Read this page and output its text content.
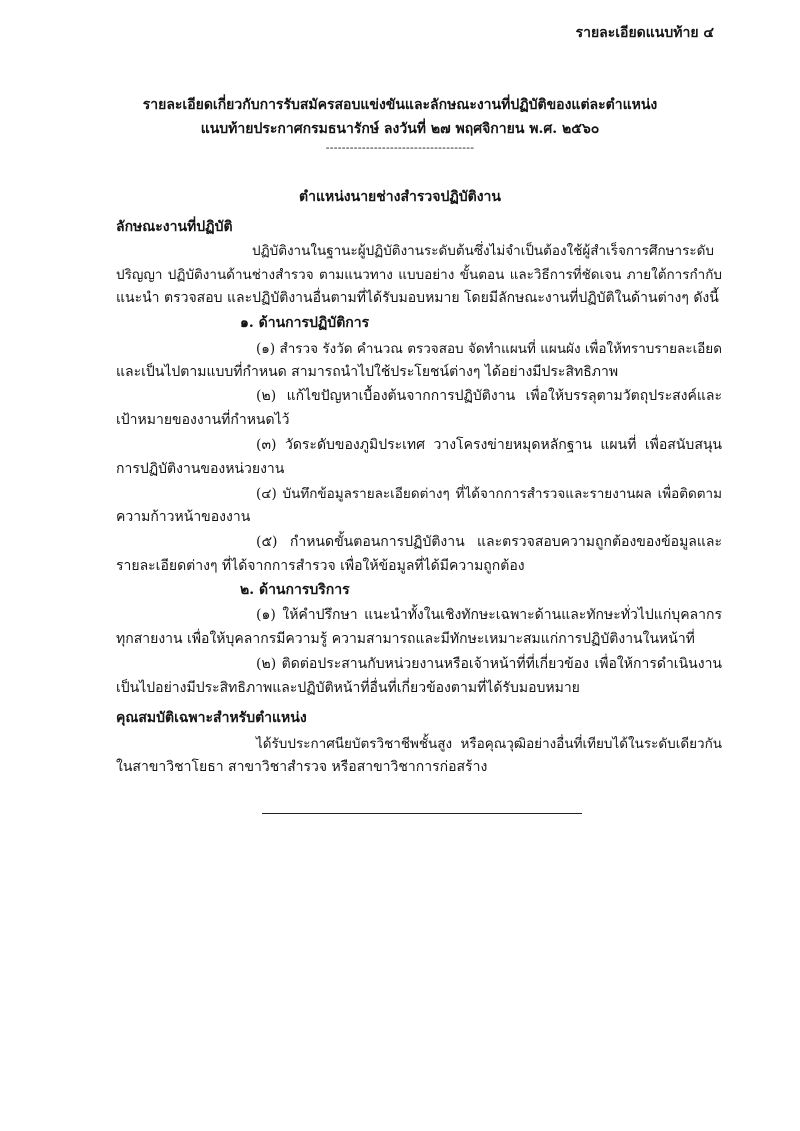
รายละเอียดแนบท้าย ๔
รายละเอียดเกี่ยวกับการรับสมัครสอบแข่งขันและลักษณะงานที่ปฏิบัติของแต่ละตำแหน่ง
แนบท้ายประกาศกรมธนารักษ์ ลงวันที่ ๒๗ พฤศจิกายน พ.ศ. ๒๕๖๐
-------------------------------------
ตำแหน่งนายช่างสำรวจปฏิบัติงาน
ลักษณะงานที่ปฏิบัติ
ปฏิบัติงานในฐานะผู้ปฏิบัติงานระดับต้นซึ่งไม่จำเป็นต้องใช้ผู้สำเร็จการศึกษาระดับ
ปริญญา ปฏิบัติงานด้านช่างสำรวจ ตามแนวทาง แบบอย่าง ขั้นตอน และวิธีการที่ชัดเจน ภายใต้การกำกับ
แนะนำ ตรวจสอบ และปฏิบัติงานอื่นตามที่ได้รับมอบหมาย โดยมีลักษณะงานที่ปฏิบัติในด้านต่างๆ ดังนี้
๑. ด้านการปฏิบัติการ
(๑) สำรวจ รังวัด คำนวณ ตรวจสอบ จัดทำแผนที่ แผนผัง เพื่อให้ทราบรายละเอียด
และเป็นไปตามแบบที่กำหนด สามารถนำไปใช้ประโยชน์ต่างๆ ได้อย่างมีประสิทธิภาพ
(๒) แก้ไขปัญหาเบื้องต้นจากการปฏิบัติงาน เพื่อให้บรรลุตามวัตถุประสงค์และ
เป้าหมายของงานที่กำหนดไว้
(๓) วัดระดับของภูมิประเทศ วางโครงข่ายหมุดหลักฐาน แผนที่ เพื่อสนับสนุน
การปฏิบัติงานของหน่วยงาน
(๔) บันทึกข้อมูลรายละเอียดต่างๆ ที่ได้จากการสำรวจและรายงานผล เพื่อติดตาม
ความก้าวหน้าของงาน
(๕) กำหนดขั้นตอนการปฏิบัติงาน และตรวจสอบความถูกต้องของข้อมูลและ
รายละเอียดต่างๆ ที่ได้จากการสำรวจ เพื่อให้ข้อมูลที่ได้มีความถูกต้อง
๒. ด้านการบริการ
(๑) ให้คำปรึกษา แนะนำทั้งในเชิงทักษะเฉพาะด้านและทักษะทั่วไปแก่บุคลากร
ทุกสายงาน เพื่อให้บุคลากรมีความรู้ ความสามารถและมีทักษะเหมาะสมแก่การปฏิบัติงานในหน้าที่
(๒) ติดต่อประสานกับหน่วยงานหรือเจ้าหน้าที่ที่เกี่ยวข้อง เพื่อให้การดำเนินงาน
เป็นไปอย่างมีประสิทธิภาพและปฏิบัติหน้าที่อื่นที่เกี่ยวข้องตามที่ได้รับมอบหมาย
คุณสมบัติเฉพาะสำหรับตำแหน่ง
ได้รับประกาศนียบัตรวิชาชีพชั้นสูง หรือคุณวุฒิอย่างอื่นที่เทียบได้ในระดับเดียวกัน
ในสาขาวิชาโยธา สาขาวิชาสำรวจ หรือสาขาวิชาการก่อสร้าง
